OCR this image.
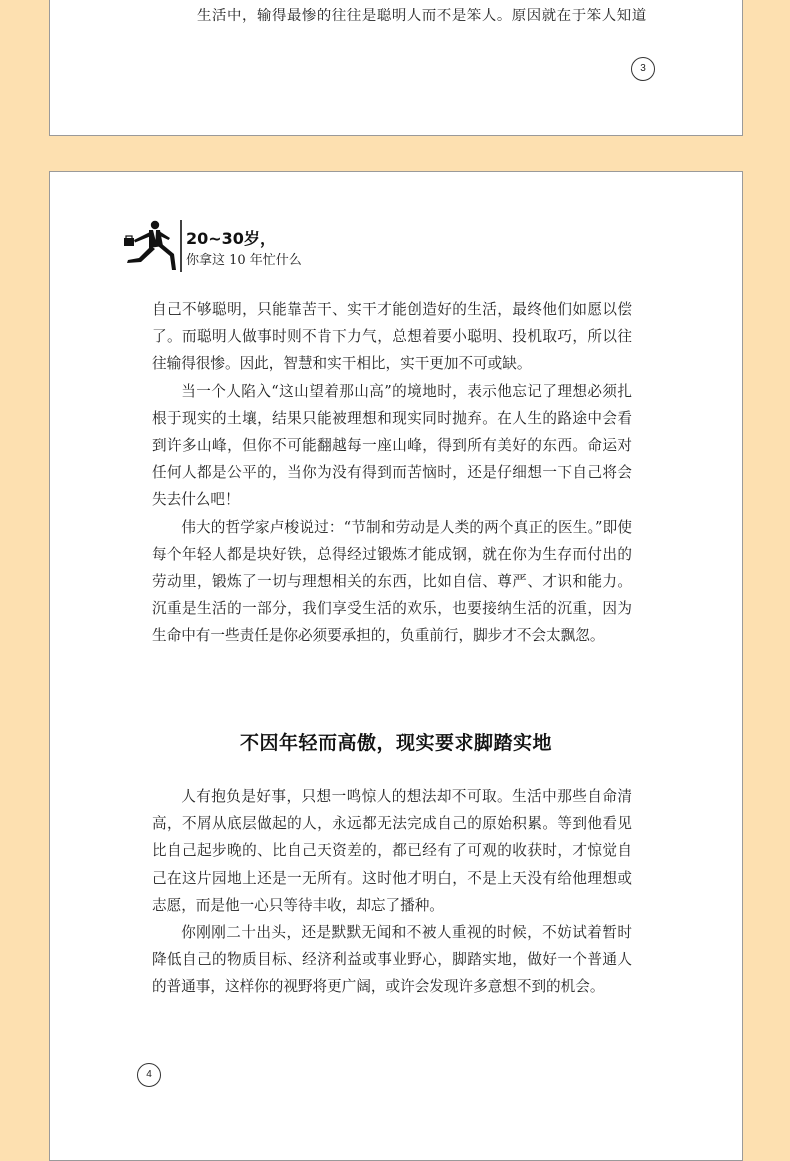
生活中，输得最惨的往往是聪明人而不是笨人。原因就在于笨人知道
3
20~30岁，
你拿这 10 年忙什么

自己不够聪明，只能靠苦干、实干才能创造好的生活，最终他们如愿以偿了。而聪明人做事时则不肯下力气，总想着要小聪明、投机取巧，所以往往输得很惨。因此，智慧和实干相比，实干更加不可或缺。

当一个人陷入“这山望着那山高”的境地时，表示他忘记了理想必须扎根于现实的土壤，结果只能被理想和现实同时抛弃。在人生的路途中会看到许多山峰，但你不可能翻越每一座山峰，得到所有美好的东西。命运对任何人都是公平的，当你为没有得到而苦恼时，还是仔细想一下自己将会失去什么吧！

伟大的哲学家卢梭说过：“节制和劳动是人类的两个真正的医生。”即使每个年轻人都是块好铁，总得经过锻炼才能成钢，就在你为生存而付出的劳动里，锻炼了一切与理想相关的东西，比如自信、尊严、才识和能力。沉重是生活的一部分，我们享受生活的欢乐，也要接纳生活的沉重，因为生命中有一些责任是你必须要承担的，负重前行，脚步才不会太飘忽。

不因年轻而高傲，现实要求脚踏实地

人有抱负是好事，只想一鸣惊人的想法却不可取。生活中那些自命清高，不屑从底层做起的人，永远都无法完成自己的原始积累。等到他看见比自己起步晚的、比自己天资差的，都已经有了可观的收获时，才惊觉自己在这片园地上还是一无所有。这时他才明白，不是上天没有给他理想或志愿，而是他一心只等待丰收，却忘了播种。

你刚刚二十出头，还是默默无闻和不被人重视的时候，不妨试着暂时降低自己的物质目标、经济利益或事业野心，脚踏实地，做好一个普通人的普通事，这样你的视野将更广阔，或许会发现许多意想不到的机会。

4
